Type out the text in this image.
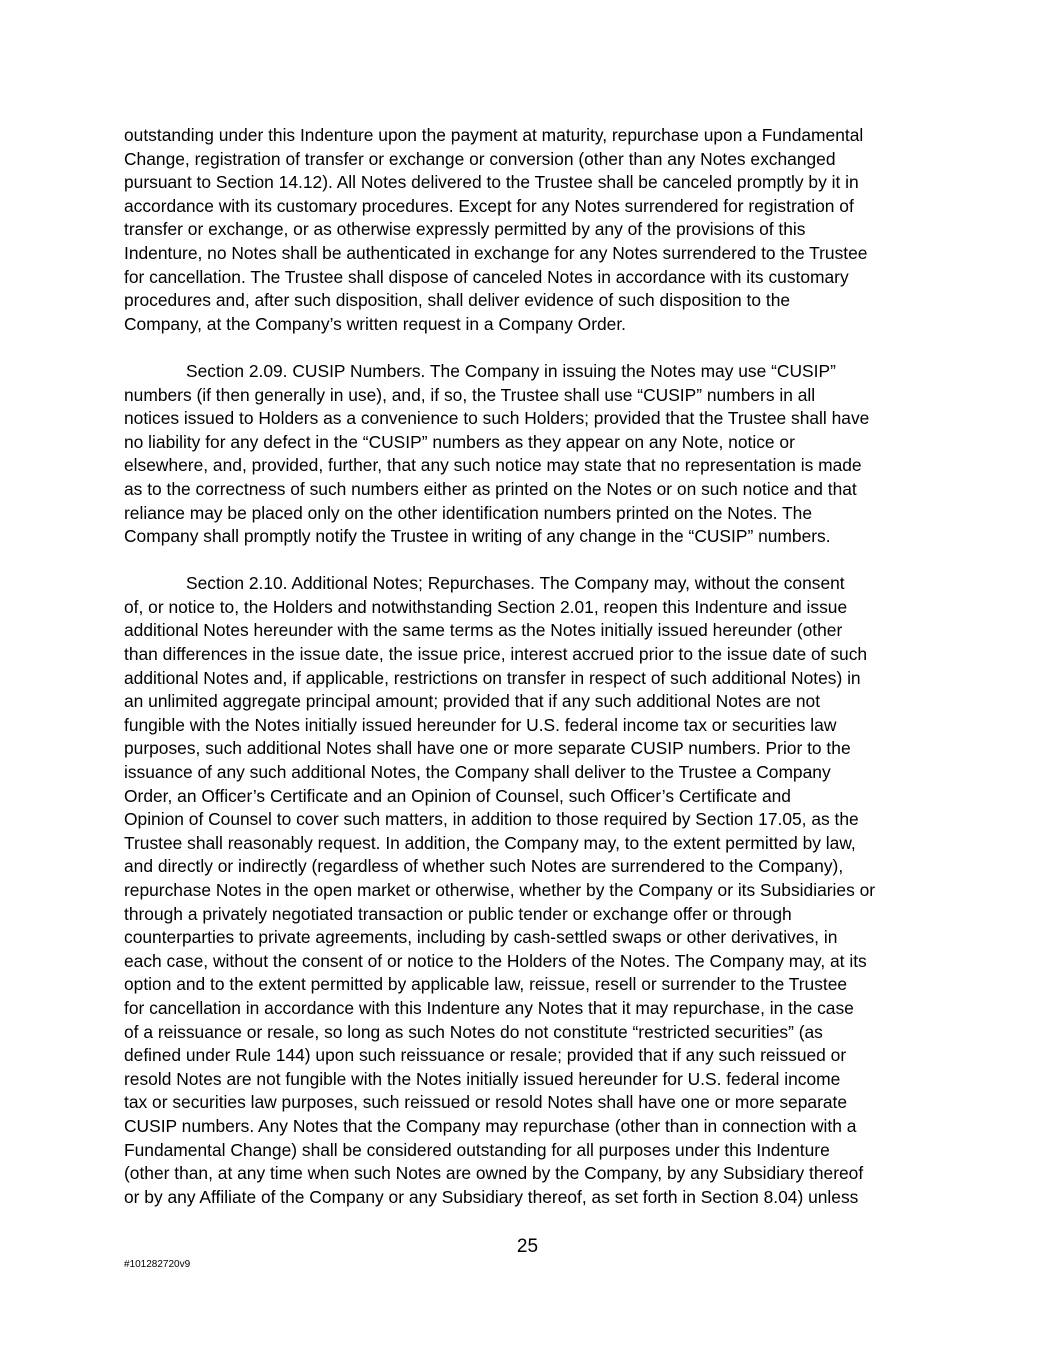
outstanding under this Indenture upon the payment at maturity, repurchase upon a Fundamental
Change, registration of transfer or exchange or conversion (other than any Notes exchanged
pursuant to Section 14.12). All Notes delivered to the Trustee shall be canceled promptly by it in
accordance with its customary procedures. Except for any Notes surrendered for registration of
transfer or exchange, or as otherwise expressly permitted by any of the provisions of this
Indenture, no Notes shall be authenticated in exchange for any Notes surrendered to the Trustee
for cancellation. The Trustee shall dispose of canceled Notes in accordance with its customary
procedures and, after such disposition, shall deliver evidence of such disposition to the
Company, at the Company’s written request in a Company Order.
Section 2.09. CUSIP Numbers. The Company in issuing the Notes may use “CUSIP”
numbers (if then generally in use), and, if so, the Trustee shall use “CUSIP” numbers in all
notices issued to Holders as a convenience to such Holders; provided that the Trustee shall have
no liability for any defect in the “CUSIP” numbers as they appear on any Note, notice or
elsewhere, and, provided, further, that any such notice may state that no representation is made
as to the correctness of such numbers either as printed on the Notes or on such notice and that
reliance may be placed only on the other identification numbers printed on the Notes. The
Company shall promptly notify the Trustee in writing of any change in the “CUSIP” numbers.
Section 2.10. Additional Notes; Repurchases. The Company may, without the consent
of, or notice to, the Holders and notwithstanding Section 2.01, reopen this Indenture and issue
additional Notes hereunder with the same terms as the Notes initially issued hereunder (other
than differences in the issue date, the issue price, interest accrued prior to the issue date of such
additional Notes and, if applicable, restrictions on transfer in respect of such additional Notes) in
an unlimited aggregate principal amount; provided that if any such additional Notes are not
fungible with the Notes initially issued hereunder for U.S. federal income tax or securities law
purposes, such additional Notes shall have one or more separate CUSIP numbers. Prior to the
issuance of any such additional Notes, the Company shall deliver to the Trustee a Company
Order, an Officer’s Certificate and an Opinion of Counsel, such Officer’s Certificate and
Opinion of Counsel to cover such matters, in addition to those required by Section 17.05, as the
Trustee shall reasonably request. In addition, the Company may, to the extent permitted by law,
and directly or indirectly (regardless of whether such Notes are surrendered to the Company),
repurchase Notes in the open market or otherwise, whether by the Company or its Subsidiaries or
through a privately negotiated transaction or public tender or exchange offer or through
counterparties to private agreements, including by cash-settled swaps or other derivatives, in
each case, without the consent of or notice to the Holders of the Notes. The Company may, at its
option and to the extent permitted by applicable law, reissue, resell or surrender to the Trustee
for cancellation in accordance with this Indenture any Notes that it may repurchase, in the case
of a reissuance or resale, so long as such Notes do not constitute “restricted securities” (as
defined under Rule 144) upon such reissuance or resale; provided that if any such reissued or
resold Notes are not fungible with the Notes initially issued hereunder for U.S. federal income
tax or securities law purposes, such reissued or resold Notes shall have one or more separate
CUSIP numbers. Any Notes that the Company may repurchase (other than in connection with a
Fundamental Change) shall be considered outstanding for all purposes under this Indenture
(other than, at any time when such Notes are owned by the Company, by any Subsidiary thereof
or by any Affiliate of the Company or any Subsidiary thereof, as set forth in Section 8.04) unless
25
#101282720v9
